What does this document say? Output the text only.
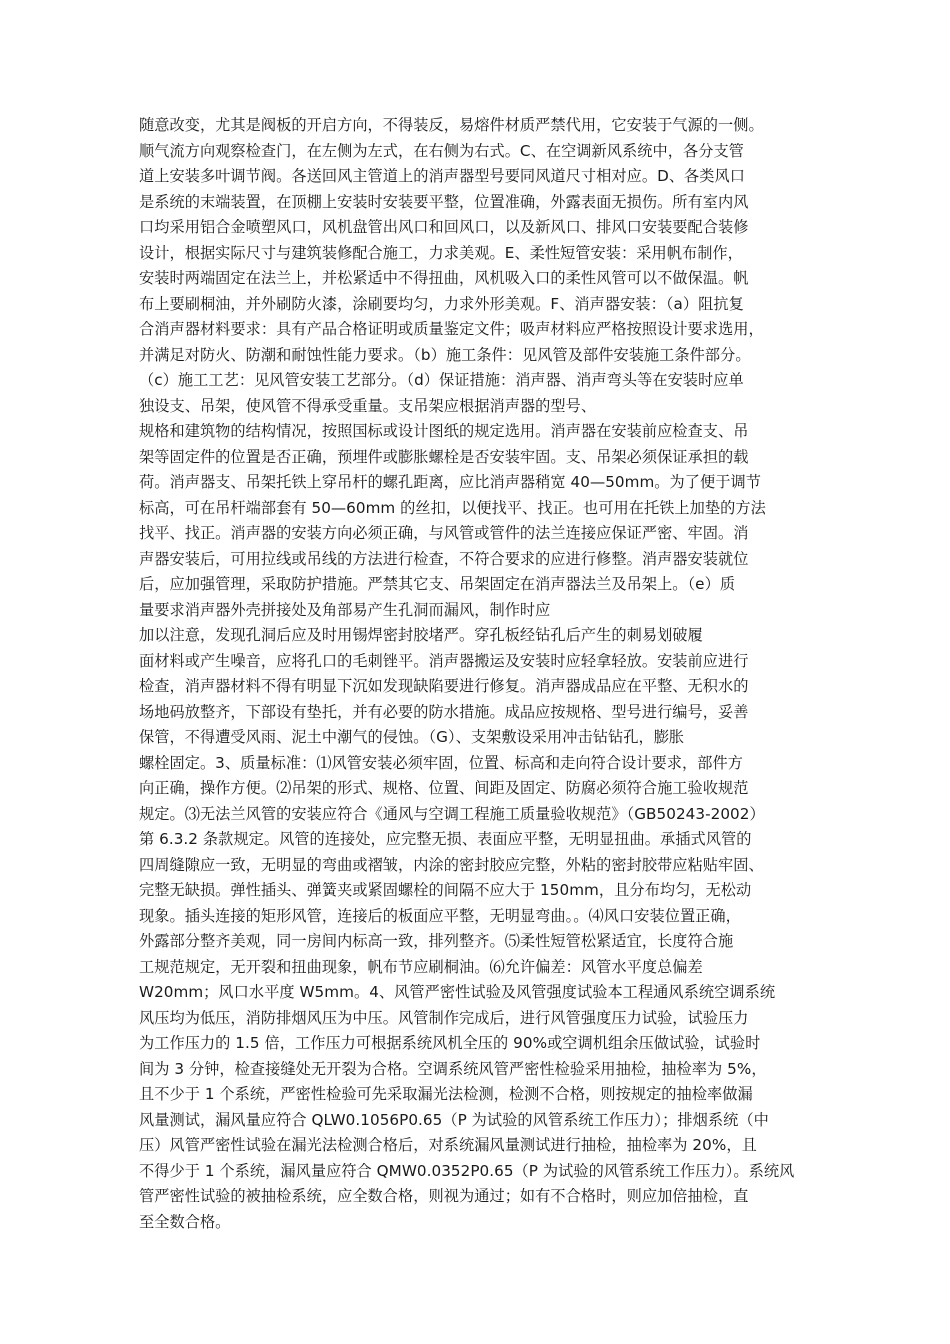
随意改变，尤其是阀板的开启方向，不得装反，易熔件材质严禁代用，它安装于气源的一侧。
顺气流方向观察检查门，在左侧为左式，在右侧为右式。C、在空调新风系统中，各分支管
道上安装多叶调节阀。各送回风主管道上的消声器型号要同风道尺寸相对应。D、各类风口
是系统的末端装置，在顶棚上安装时安装要平整，位置准确，外露表面无损伤。所有室内风
口均采用铝合金喷塑风口，风机盘管出风口和回风口，以及新风口、排风口安装要配合装修
设计，根据实际尺寸与建筑装修配合施工，力求美观。E、柔性短管安装：采用帆布制作，
安装时两端固定在法兰上，并松紧适中不得扭曲，风机吸入口的柔性风管可以不做保温。帆
布上要刷桐油，并外刷防火漆，涂刷要均匀，力求外形美观。F、消声器安装：（a）阻抗复
合消声器材料要求：具有产品合格证明或质量鉴定文件；吸声材料应严格按照设计要求选用，
并满足对防火、防潮和耐蚀性能力要求。（b）施工条件：见风管及部件安装施工条件部分。
（c）施工工艺：见风管安装工艺部分。（d）保证措施：消声器、消声弯头等在安装时应单
独设支、吊架，使风管不得承受重量。支吊架应根据消声器的型号、
规格和建筑物的结构情况，按照国标或设计图纸的规定选用。消声器在安装前应检查支、吊
架等固定件的位置是否正确，预埋件或膨胀螺栓是否安装牢固。支、吊架必须保证承担的载
荷。消声器支、吊架托铁上穿吊杆的螺孔距离，应比消声器稍宽 40—50mm。为了便于调节
标高，可在吊杆端部套有 50—60mm 的丝扣，以便找平、找正。也可用在托铁上加垫的方法
找平、找正。消声器的安装方向必须正确，与风管或管件的法兰连接应保证严密、牢固。消
声器安装后，可用拉线或吊线的方法进行检查，不符合要求的应进行修整。消声器安装就位
后，应加强管理，采取防护措施。严禁其它支、吊架固定在消声器法兰及吊架上。（e）质
量要求消声器外壳拼接处及角部易产生孔洞而漏风，制作时应
加以注意，发现孔洞后应及时用锡焊密封胶堵严。穿孔板经钻孔后产生的刺易划破履
面材料或产生噪音，应将孔口的毛刺锉平。消声器搬运及安装时应轻拿轻放。安装前应进行
检查，消声器材料不得有明显下沉如发现缺陷要进行修复。消声器成品应在平整、无积水的
场地码放整齐，下部设有垫托，并有必要的防水措施。成品应按规格、型号进行编号，妥善
保管，不得遭受风雨、泥土中潮气的侵蚀。（G）、支架敷设采用冲击钻钻孔，膨胀
螺栓固定。3、质量标准：⑴风管安装必须牢固，位置、标高和走向符合设计要求，部件方
向正确，操作方便。⑵吊架的形式、规格、位置、间距及固定、防腐必须符合施工验收规范
规定。⑶无法兰风管的安装应符合《通风与空调工程施工质量验收规范》（GB50243-2002）
第 6.3.2 条款规定。风管的连接处，应完整无损、表面应平整，无明显扭曲。承插式风管的
四周缝隙应一致，无明显的弯曲或褶皱，内涂的密封胶应完整，外粘的密封胶带应粘贴牢固、
完整无缺损。弹性插头、弹簧夹或紧固螺栓的间隔不应大于 150mm，且分布均匀，无松动
现象。插头连接的矩形风管，连接后的板面应平整，无明显弯曲。。⑷风口安装位置正确，
外露部分整齐美观，同一房间内标高一致，排列整齐。⑸柔性短管松紧适宜，长度符合施
工规范规定，无开裂和扭曲现象，帆布节应刷桐油。⑹允许偏差：风管水平度总偏差
W20mm；风口水平度 W5mm。4、风管严密性试验及风管强度试验本工程通风系统空调系统
风压均为低压，消防排烟风压为中压。风管制作完成后，进行风管强度压力试验，试验压力
为工作压力的 1.5 倍，工作压力可根据系统风机全压的 90%或空调机组余压做试验，试验时
间为 3 分钟，检查接缝处无开裂为合格。空调系统风管严密性检验采用抽检，抽检率为 5%，
且不少于 1 个系统，严密性检验可先采取漏光法检测，检测不合格，则按规定的抽检率做漏
风量测试，漏风量应符合 QLW0.1056P0.65（P 为试验的风管系统工作压力）；排烟系统（中
压）风管严密性试验在漏光法检测合格后，对系统漏风量测试进行抽检，抽检率为 20%，且
不得少于 1 个系统，漏风量应符合 QMW0.0352P0.65（P 为试验的风管系统工作压力）。系统风
管严密性试验的被抽检系统，应全数合格，则视为通过；如有不合格时，则应加倍抽检，直
至全数合格。
